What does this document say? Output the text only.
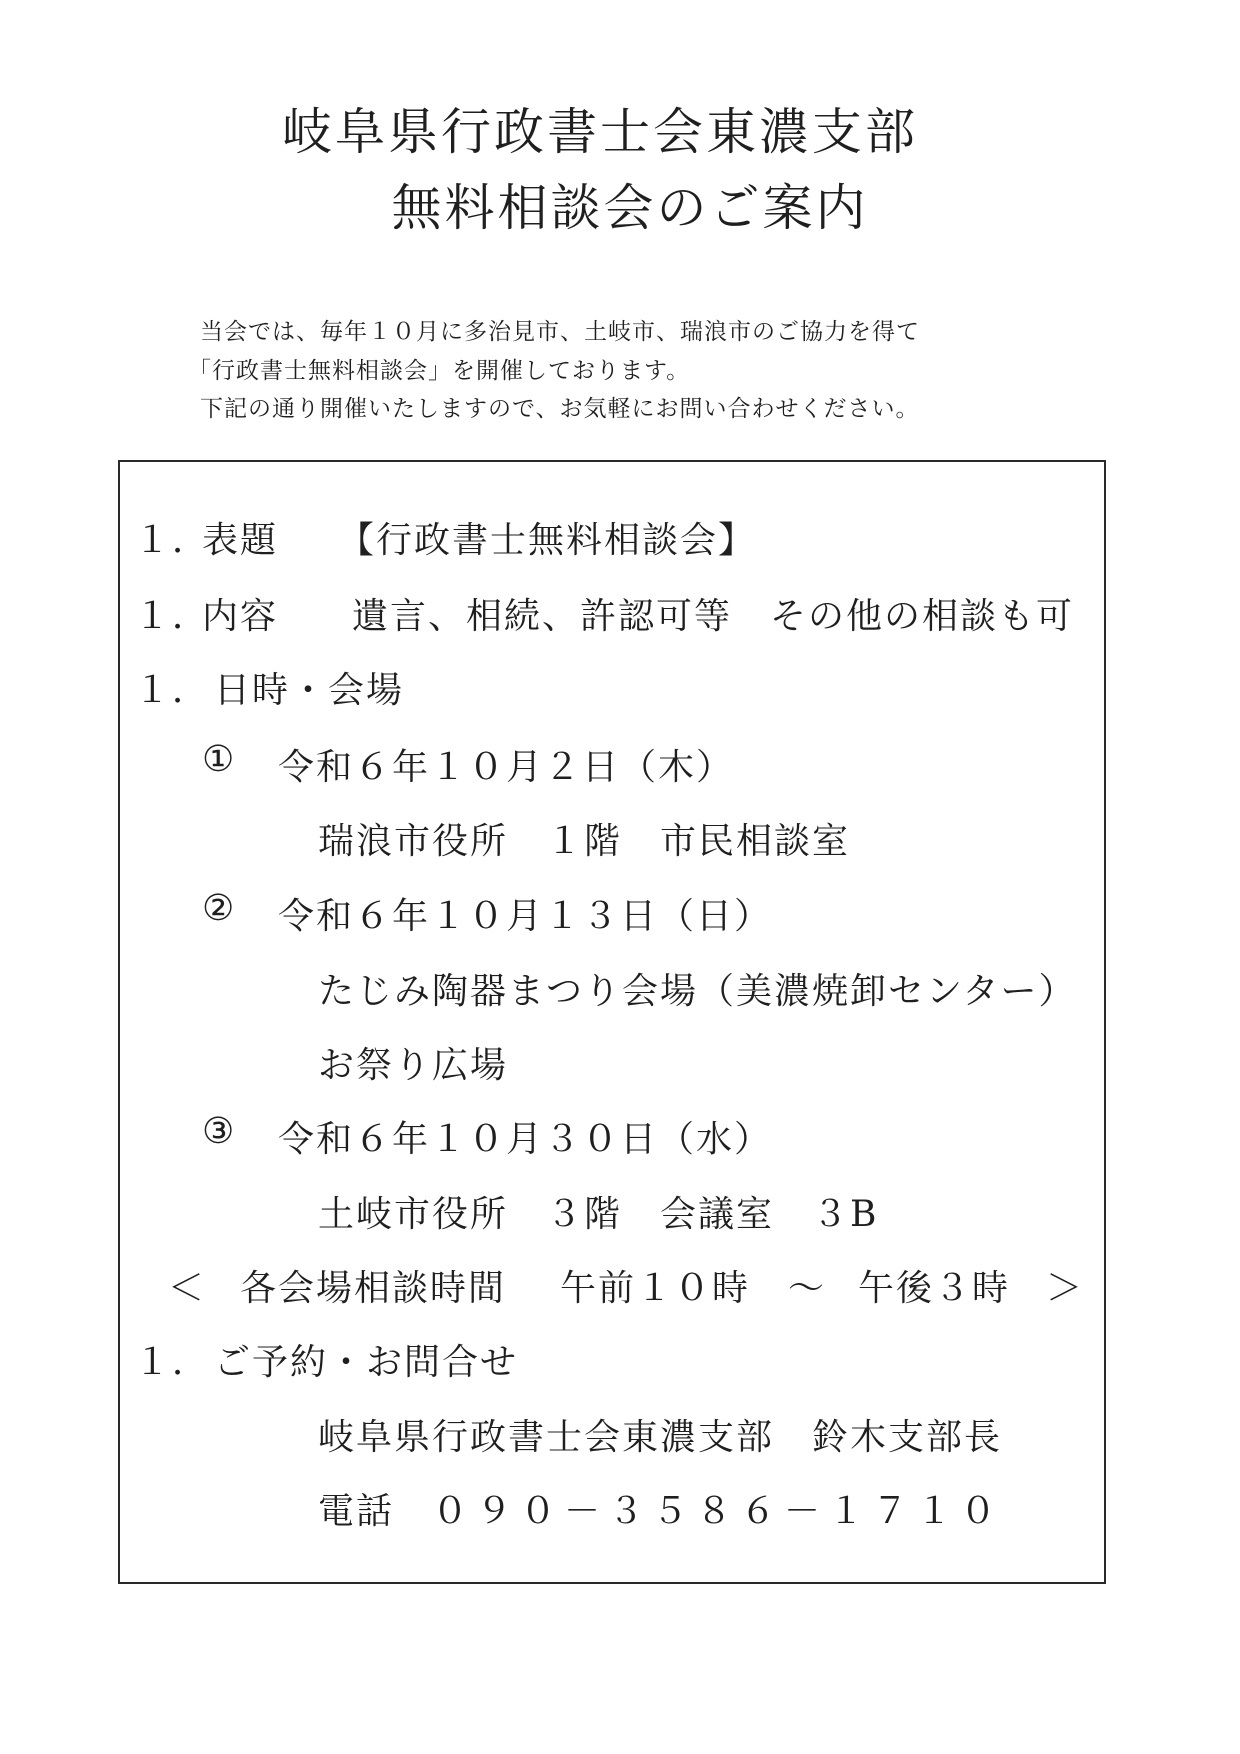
岐阜県行政書士会東濃支部
無料相談会のご案内
当会では、毎年１０月に多治見市、土岐市、瑞浪市のご協力を得て
「行政書士無料相談会」を開催しております。
下記の通り開催いたしますので、お気軽にお問い合わせください。
１．
表題 【行政書士無料相談会】
１．
内容 遺言、相続、許認可等　その他の相談も可
１． 日時・会場
① 令和６年１０月２日（木）
瑞浪市役所　１階　市民相談室
② 令和６年１０月１３日（日）
たじみ陶器まつり会場（美濃焼卸センター）
お祭り広場
③ 令和６年１０月３０日（水）
土岐市役所　３階　会議室　３B
＜ 各会場相談時間 午前１０時 ～ 午後３時 ＞
１． ご予約・お問合せ
岐阜県行政書士会東濃支部　鈴木支部長
電話 ０９０－３５８６－１７１０
